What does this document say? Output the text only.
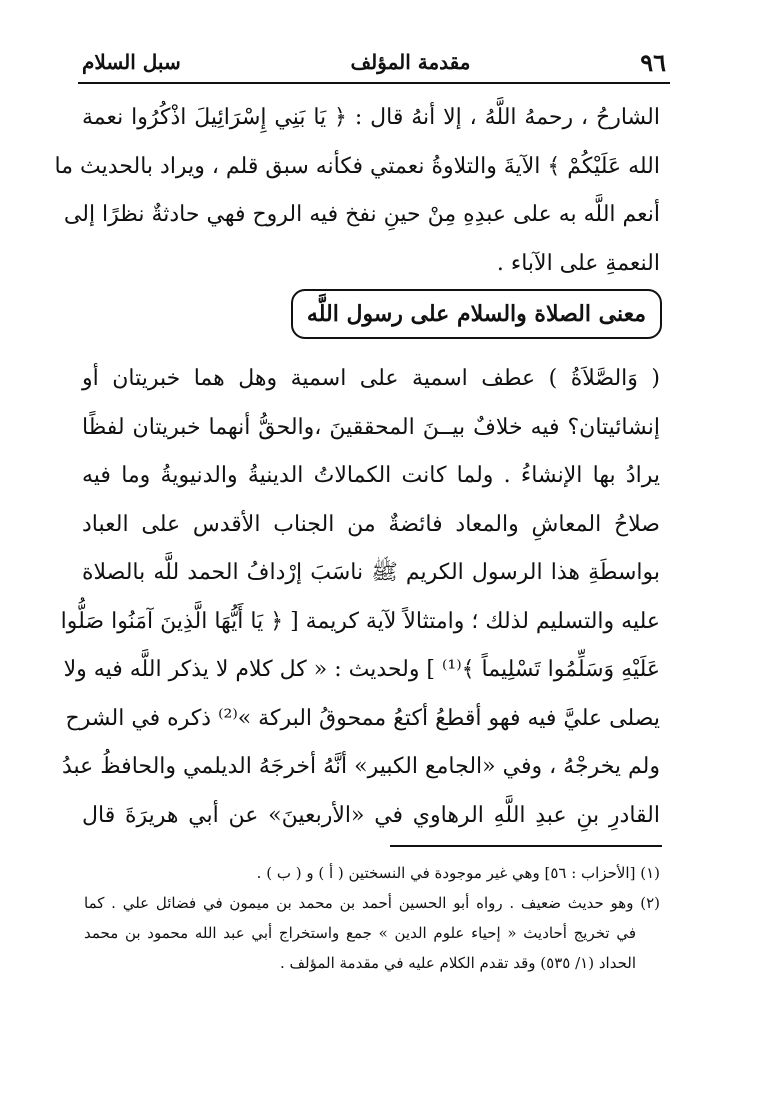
٩٦
مقدمة المؤلف
سبل السلام
الشارحُ ، رحمهُ اللَّهُ ، إلا أنهُ قال : ﴿ يَا بَنِي إِسْرَائِيلَ اذْكُرُوا نعمة
الله عَلَيْكُمْ ﴾ الآيةَ والتلاوةُ نعمتي فكأنه سبق قلم ، ويراد بالحديث ما
أنعم اللَّه به على عبدِهِ مِنْ حينِ نفخ فيه الروح فهي حادثةٌ نظرًا إلى
النعمةِ على الآباء .
معنى الصلاة والسلام على رسول اللَّه
( وَالصَّلاَةُ ) عطف اسمية على اسمية وهل هما خبريتان أو
إنشائيتان؟ فيه خلافٌ بيــنَ المحققينَ ،والحقُّ أنهما خبريتان لفظًا
يرادُ بها الإنشاءُ . ولما كانت الكمالاتُ الدينيةُ والدنيويةُ وما فيه
صلاحُ المعاشِ والمعاد فائضةٌ من الجناب الأقدس على العباد
بواسطَةِ هذا الرسول الكريم ﷺ ناسَبَ إرْدافُ الحمد للَّه بالصلاة
عليه والتسليم لذلك ؛ وامتثالاً لآية كريمة [ ﴿ يَا أَيُّهَا الَّذِينَ آمَنُوا صَلُّوا
عَلَيْهِ وَسَلِّمُوا تَسْلِيماً ﴾⁽¹⁾ ] ولحديث : « كل كلام لا يذكر اللَّه فيه ولا
يصلى عليَّ فيه فهو أقطعُ أكتعُ ممحوقُ البركة »⁽²⁾ ذكره في الشرح
ولم يخرجْهُ ، وفي «الجامع الكبير» أنَّهُ أخرجَهُ الديلمي والحافظُ عبدُ
القادرِ بنِ عبدِ اللَّهِ الرهاوي في «الأربعينَ» عن أبي هريرَةَ قال
(١) [الأحزاب : ٥٦] وهي غير موجودة في النسختين ( أ ) و ( ب ) .
(٢) وهو حديث ضعيف . رواه أبو الحسين أحمد بن محمد بن ميمون في فضائل علي . كما
في تخريج أحاديث « إحياء علوم الدين » جمع واستخراج أبي عبد الله محمود بن محمد
الحداد (١/ ٥٣٥) وقد تقدم الكلام عليه في مقدمة المؤلف .
